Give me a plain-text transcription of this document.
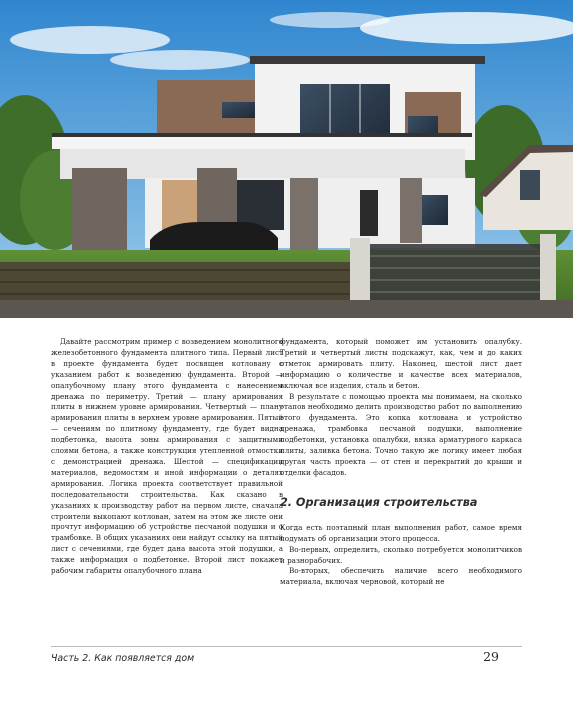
Давайте рассмотрим пример с возведением монолитного железобетонного фундамента плитного типа. Первый лист в проекте фундамента будет посвящен котловану с указанием работ к возведению фундамента. Второй — опалубочному плану этого фундамента с нанесением дренажа по периметру. Третий — плану армирования плиты в нижнем уровне армирования. Четвертый — плану армирования плиты в верхнем уровне армирования. Пятый — сечениям по плитному фундаменту, где будет видна подбетонка, высота зоны армирования с защитными слоями бетона, а также конструкция утепленной отмостки с демонстрацией дренажа. Шестой — спецификации материалов, ведомостям и иной информации о деталях армирования. Логика проекта соответствует правильной последовательности строительства. Как сказано в указаниях к производству работ на первом листе, сначала строители выкопают котлован, затем на этом же листе они прочтут информацию об устройстве песчаной подушки и о трамбовке. В общих указаниях они найдут ссылку на пятый лист с сечениями, где будет дана высота этой подушки, а также информация о подбетонке. Второй лист покажет рабочим габариты опалубочного плана

фундамента, который поможет им установить опалубку. Третий и четвертый листы подскажут, как, чем и до каких отметок армировать плиту. Наконец, шестой лист дает информацию о количестве и качестве всех материалов, включая все изделия, сталь и бетон.

В результате с помощью проекта мы понимаем, на сколько этапов необходимо делить производство работ по выполнению этого фундамента. Это копка котлована и устройство дренажа, трамбовка песчаной подушки, выполнение подбетонки, установка опалубки, вязка арматурного каркаса плиты, заливка бетона. Точно такую же логику имеет любая другая часть проекта — от стен и перекрытий до крыши и отделки фасадов.

2. Организация строительства

Когда есть поэтапный план выполнения работ, самое время подумать об организации этого процесса.

Во-первых, определить, сколько потребуется монолитчиков и разнорабочих.

Во-вторых, обеспечить наличие всего необходимого материала, включая черновой, который не

Часть 2. Как появляется дом	29
